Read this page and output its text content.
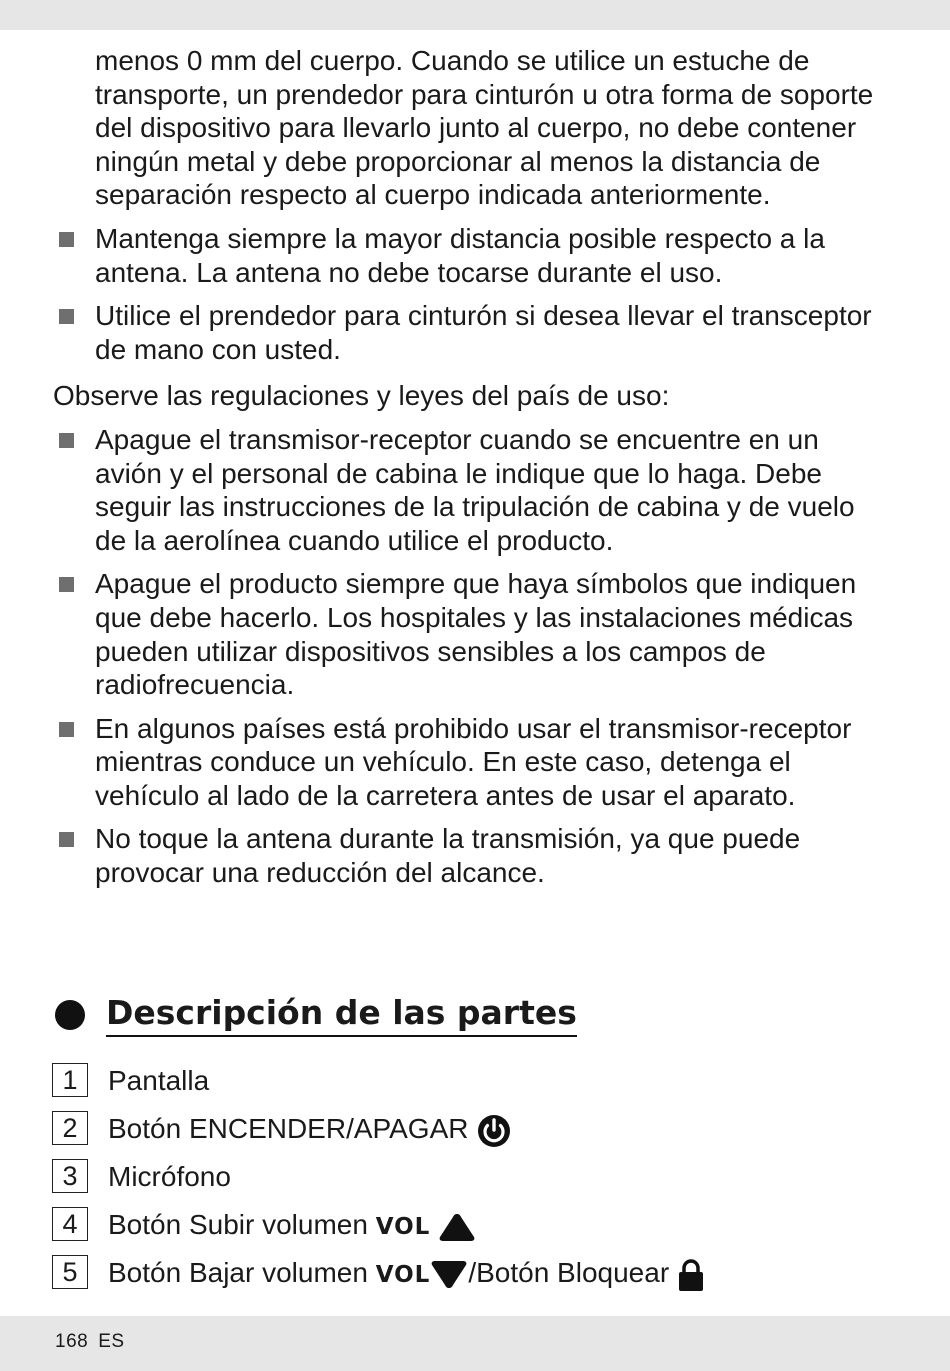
menos 0 mm del cuerpo. Cuando se utilice un estuche de transporte, un prendedor para cinturón u otra forma de soporte del dispositivo para llevarlo junto al cuerpo, no debe contener ningún metal y debe proporcionar al menos la distancia de separación respecto al cuerpo indicada anteriormente.

Mantenga siempre la mayor distancia posible respecto a la antena. La antena no debe tocarse durante el uso.
Utilice el prendedor para cinturón si desea llevar el transceptor de mano con usted.

Observe las regulaciones y leyes del país de uso:

Apague el transmisor-receptor cuando se encuentre en un avión y el personal de cabina le indique que lo haga. Debe seguir las instrucciones de la tripulación de cabina y de vuelo de la aerolínea cuando utilice el producto.
Apague el producto siempre que haya símbolos que indiquen que debe hacerlo. Los hospitales y las instalaciones médicas pueden utilizar dispositivos sensibles a los campos de radiofrecuencia.
En algunos países está prohibido usar el transmisor-receptor mientras conduce un vehículo. En este caso, detenga el vehículo al lado de la carretera antes de usar el aparato.
No toque la antena durante la transmisión, ya que puede provocar una reducción del alcance.
Descripción de las partes
1	Pantalla
2	Botón ENCENDER/APAGAR
3	Micrófono
4	Botón Subir volumen VOL
5	Botón Bajar volumen VOL /Botón Bloquear
168 ES
